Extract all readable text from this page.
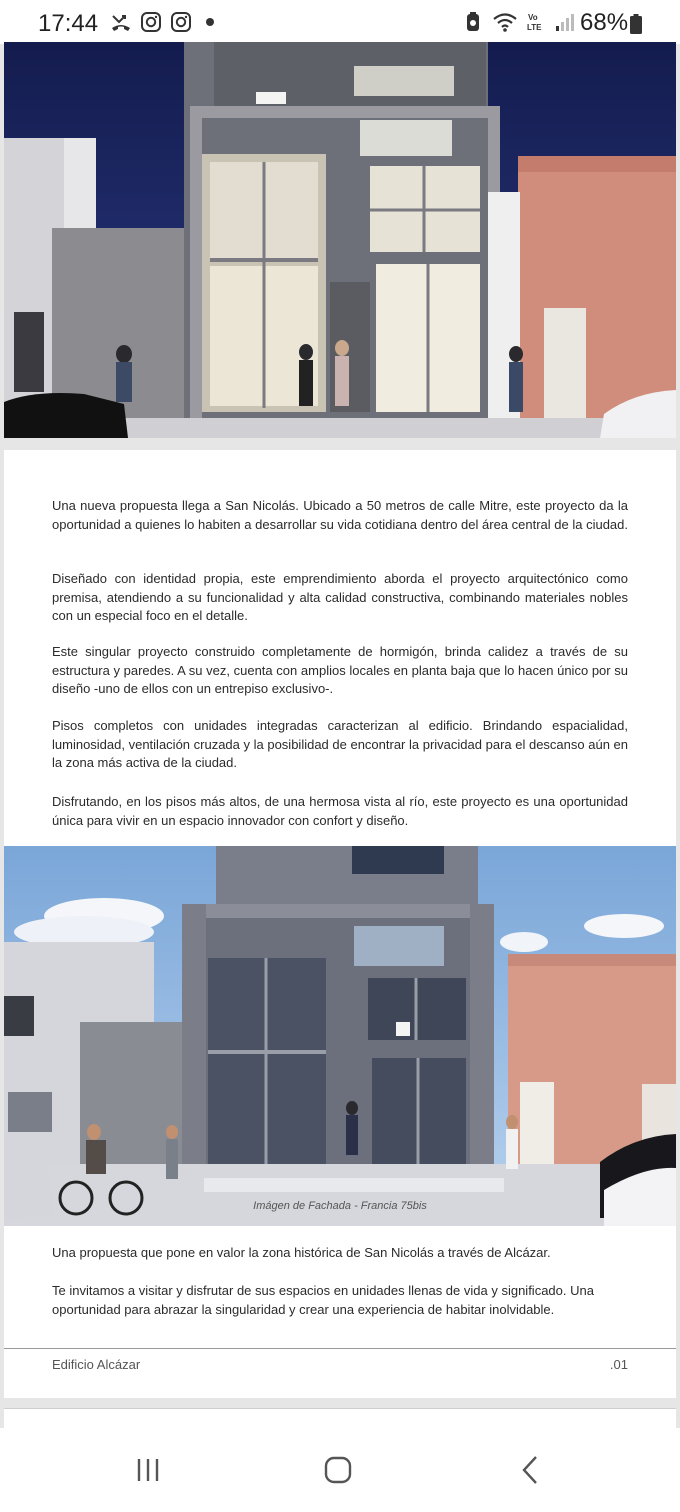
17:44	Vo
LTE 68%

Una nueva propuesta llega a San Nicolás. Ubicado a 50 metros de calle Mitre, este proyecto da la oportunidad a quienes lo habiten a desarrollar su vida cotidiana dentro del área central de la ciudad.

Diseñado con identidad propia, este emprendimiento aborda el proyecto arquitectónico como premisa, atendiendo a su funcionalidad y alta calidad constructiva, combinando materiales nobles con un especial foco en el detalle.

Este singular proyecto construido completamente de hormigón, brinda calidez a través de su estructura y paredes. A su vez, cuenta con amplios locales en planta baja que lo hacen único por su diseño -uno de ellos con un entrepiso exclusivo-.

Pisos completos con unidades integradas caracterizan al edificio. Brindando espacialidad, luminosidad, ventilación cruzada y la posibilidad de encontrar la privacidad para el descanso aún en la zona más activa de la ciudad.

Disfrutando, en los pisos más altos, de una hermosa vista al río, este proyecto es una oportunidad única para vivir en un espacio innovador con confort y diseño.

Imágen de Fachada - Francia 75bis

Una propuesta que pone en valor la zona histórica de San Nicolás a través de Alcázar.

Te invitamos a visitar y disfrutar de sus espacios en unidades llenas de vida y significado. Una oportunidad para abrazar la singularidad y crear una experiencia de habitar inolvidable.

Edificio Alcázar	.01
